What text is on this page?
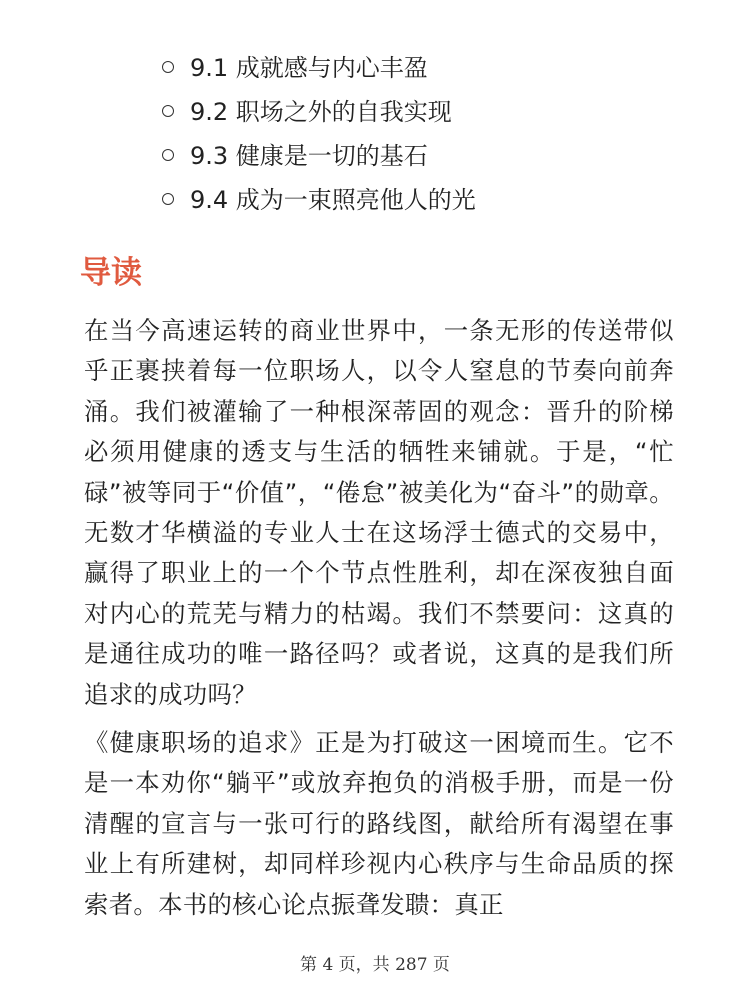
9.1 成就感与内心丰盈
9.2 职场之外的自我实现
9.3 健康是一切的基石
9.4 成为一束照亮他人的光
导读

在当今高速运转的商业世界中，一条无形的传送带似乎正裹挟着每一位职场人，以令人窒息的节奏向前奔涌。我们被灌输了一种根深蒂固的观念：晋升的阶梯必须用健康的透支与生活的牺牲来铺就。于是，“忙碌”被等同于“价值”，“倦怠”被美化为“奋斗”的勋章。无数才华横溢的专业人士在这场浮士德式的交易中，赢得了职业上的一个个节点性胜利，却在深夜独自面对内心的荒芜与精力的枯竭。我们不禁要问：这真的是通往成功的唯一路径吗？或者说，这真的是我们所追求的成功吗？

《健康职场的追求》正是为打破这一困境而生。它不是一本劝你“躺平”或放弃抱负的消极手册，而是一份清醒的宣言与一张可行的路线图，献给所有渴望在事业上有所建树，却同样珍视内心秩序与生命品质的探索者。本书的核心论点振聋发聩：真正

第 4 页，共 287 页
